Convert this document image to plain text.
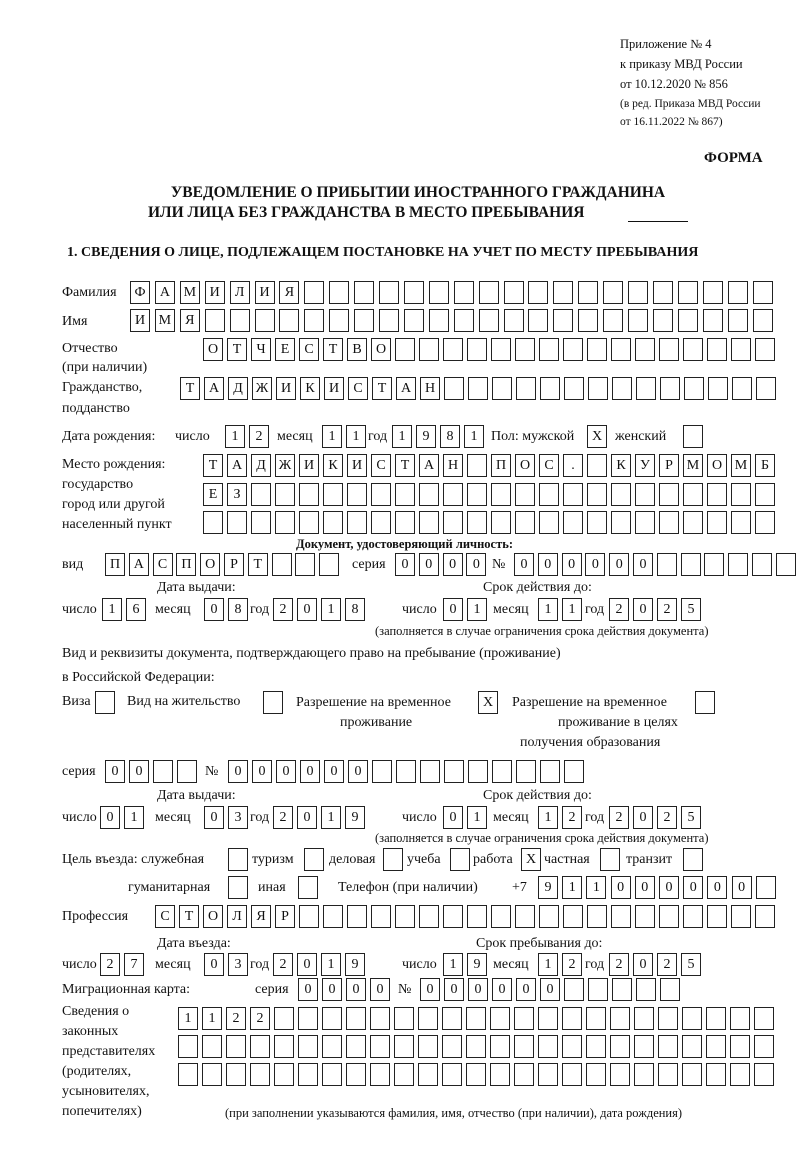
Приложение № 4
к приказу МВД России
от 10.12.2020 № 856
(в ред. Приказа МВД России
от 16.11.2022 № 867)
ФОРМА
УВЕДОМЛЕНИЕ О ПРИБЫТИИ ИНОСТРАННОГО ГРАЖДАНИНА
ИЛИ ЛИЦА БЕЗ ГРАЖДАНСТВА В МЕСТО ПРЕБЫВАНИЯ
1. СВЕДЕНИЯ О ЛИЦЕ, ПОДЛЕЖАЩЕМ ПОСТАНОВКЕ НА УЧЕТ ПО МЕСТУ ПРЕБЫВАНИЯ
Фамилия	Ф	А М И	Л	И	Я
Имя	И М	Я
Отчество
(при наличии)
О	Т	Ч	Е	С	Т	В	О
Гражданство,
подданство
Т	А	Д Ж И	К	И	С	Т	А Н
Дата рождения: число	1	2	месяц	1	1 год 1	9	8	1 Пол: мужской	X женский
Место рождения:
государство
город или другой
населенный пункт
Т	А	Д Ж И	К	И	С	Т	А Н	П О	С	.	К	У	Р М О М Б
Е	З
Документ, удостоверяющий личность:
вид	П А	С	П О	Р	Т	серия	0	0	0	0 №	0	0	0	0	0	0
Дата выдачи:	Срок действия до:
число 1	6	месяц	0	8 год 2	0	1	8	число 0	1 месяц	1	1 год 2	0	2	5
(заполняется в случае ограничения срока действия документа)
Вид и реквизиты документа, подтверждающего право на пребывание (проживание)
в Российской Федерации:
Виза	Вид на жительство	Разрешение на временное
проживание
X	Разрешение на временное
проживание в целях
получения образования
серия	0	0	№	0	0	0	0	0	0
Дата выдачи:	Срок действия до:
число 0	1	месяц	0	3 год 2	0	1	9	число 0	1 месяц	1	2 год 2	0	2	5
(заполняется в случае ограничения срока действия документа)
Цель въезда: служебная	туризм	деловая учеба работа X частная	транзит
гуманитарная	иная	Телефон (при наличии) +7	9	1	1	0	0	0	0	0	0
Профессия	С	Т	О	Л	Я	Р
Дата въезда:	Срок пребывания до:
число 2	7	месяц	0	3 год 2	0	1	9	число 1	9 месяц	1	2 год 2	0	2	5
Миграционная карта:	серия	0	0	0	0	№	0	0	0	0	0	0
Сведения о
законных
представителях
(родителях,
усыновителях,
попечителях)
1	1	2	2
(при заполнении указываются фамилия, имя, отчество (при наличии), дата рождения)
